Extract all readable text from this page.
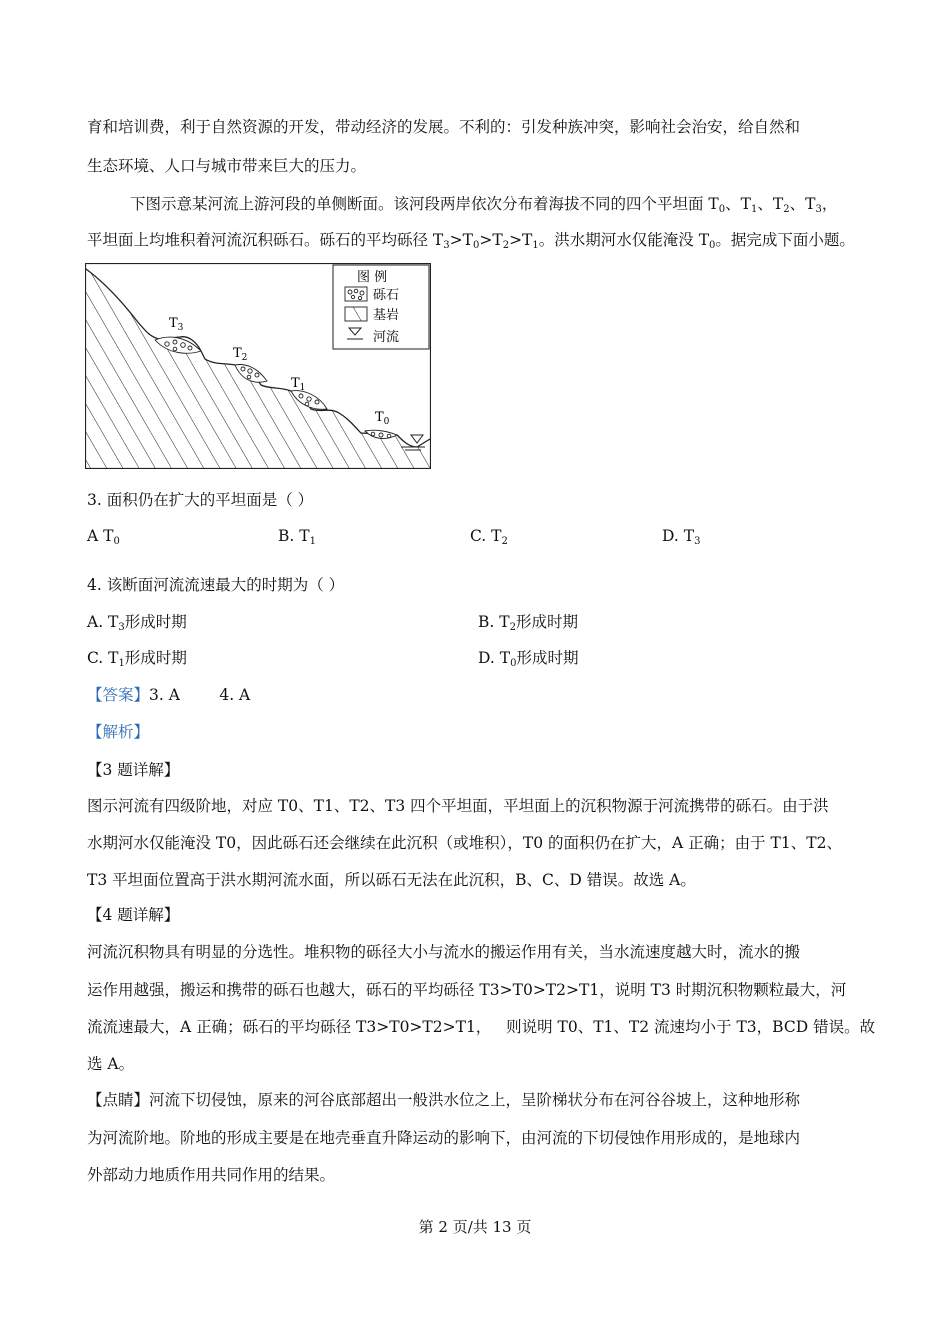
育和培训费，利于自然资源的开发，带动经济的发展。不利的：引发种族冲突，影响社会治安，给自然和
生态环境、人口与城市带来巨大的压力。
下图示意某河流上游河段的单侧断面。该河段两岸依次分布着海拔不同的四个平坦面 $T_0$、$T_1$、$T_2$、$T_3$，
平坦面上均堆积着河流沉积砾石。砾石的平均砾径 $T_3>T_0>T_2>T_1$。洪水期河水仅能淹没 $T_0$。据完成下面小题。
$T_3$
$T_2$
$T_1$
$T_0$
图 例
砾石
基岩
河流
3. 面积仍在扩大的平坦面是（ ）
A $T_0$	B. $T_1$	C. $T_2$	D. $T_3$
4. 该断面河流流速最大的时期为（ ）
A. $T_3$形成时期	B. $T_2$形成时期
C. $T_1$形成时期	D. $T_0$形成时期
【答案】3. A        4. A
【解析】
【3 题详解】
图示河流有四级阶地，对应 T0、T1、T2、T3 四个平坦面，平坦面上的沉积物源于河流携带的砾石。由于洪
水期河水仅能淹没 T0，因此砾石还会继续在此沉积（或堆积），T0 的面积仍在扩大，A 正确；由于 T1、T2、
T3 平坦面位置高于洪水期河流水面，所以砾石无法在此沉积，B、C、D 错误。故选 A。
【4 题详解】
河流沉积物具有明显的分选性。堆积物的砾径大小与流水的搬运作用有关，当水流速度越大时，流水的搬
运作用越强，搬运和携带的砾石也越大，砾石的平均砾径 T3>T0>T2>T1，说明 T3 时期沉积物颗粒最大，河
流流速最大，A 正确；砾石的平均砾径 T3>T0>T2>T1，   则说明 T0、T1、T2 流速均小于 T3，BCD 错误。故
选 A。
【点睛】河流下切侵蚀，原来的河谷底部超出一般洪水位之上，呈阶梯状分布在河谷谷坡上，这种地形称
为河流阶地。阶地的形成主要是在地壳垂直升降运动的影响下，由河流的下切侵蚀作用形成的，是地球内
外部动力地质作用共同作用的结果。
第 2 页/共 13 页
